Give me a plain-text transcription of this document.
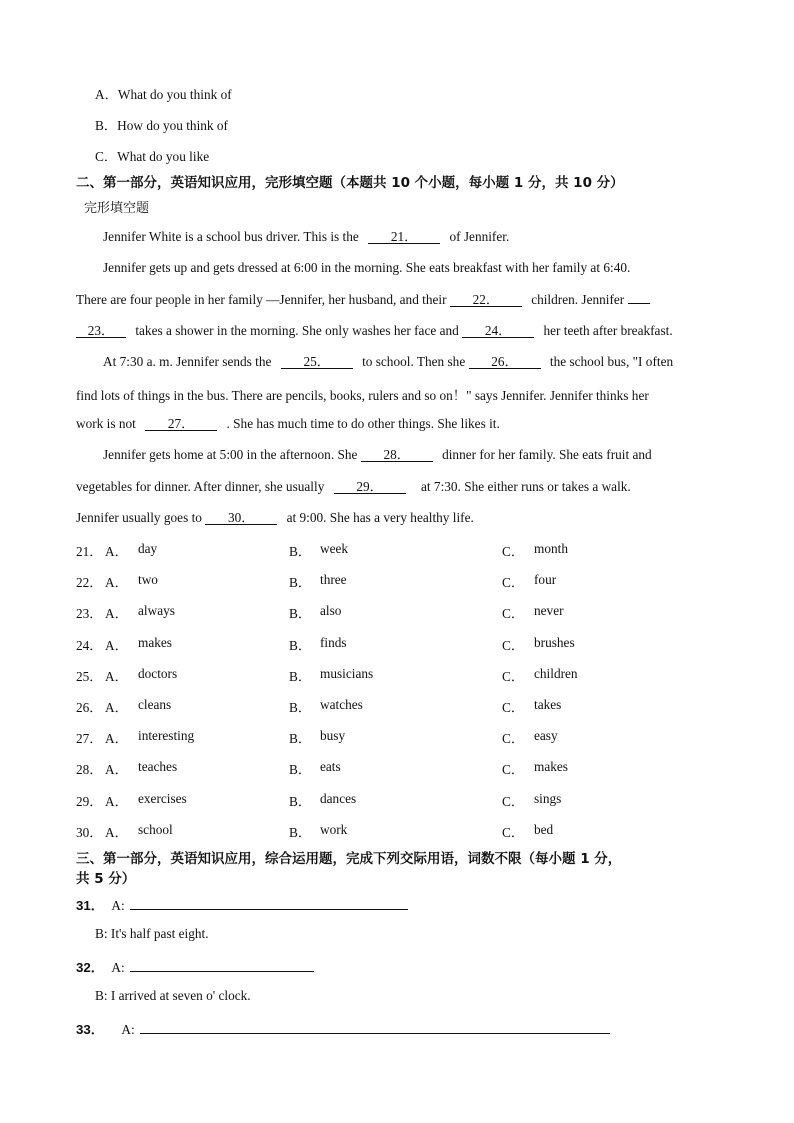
A．What do you think of
B．How do you think of
C．What do you like
二、第一部分，英语知识应用，完形填空题（本题共 10 个小题，每小题 1 分，共 10 分）
完形填空题
Jennifer White is a school bus driver. This is the 21． of Jennifer.
Jennifer gets up and gets dressed at 6:00 in the morning. She eats breakfast with her family at 6:40.
There are four people in her family —Jennifer, her husband, and their 22． children. Jennifer
23． takes a shower in the morning. She only washes her face and 24． her teeth after breakfast.
At 7:30 a. m. Jennifer sends the 25． to school. Then she 26． the school bus, "I often
find lots of things in the bus. There are pencils, books, rulers and so on！" says Jennifer. Jennifer thinks her
work is not 27． . She has much time to do other things. She likes it.
Jennifer gets home at 5:00 in the afternoon. She 28． dinner for her family. She eats fruit and
vegetables for dinner. After dinner, she usually 29．	at 7:30. She either runs or takes a walk.
Jennifer usually goes to 30． at 9:00. She has a very healthy life.
21． A． day	B． week	C． month
22． A． two	B． three	C． four
23． A． always	B． also	C． never
24． A． makes	B． finds	C． brushes
25． A． doctors	B． musicians	C． children
26． A． cleans	B． watches	C． takes
27． A． interesting	B． busy	C． easy
28． A． teaches	B． eats	C． makes
29． A． exercises	B． dances	C． sings
30． A． school	B． work	C． bed
三、第一部分，英语知识应用，综合运用题，完成下列交际用语，词数不限（每小题 1 分，
共 5 分）
31． A:
B: It's half past eight.
32． A:
B: I arrived at seven o' clock.
33． A:
